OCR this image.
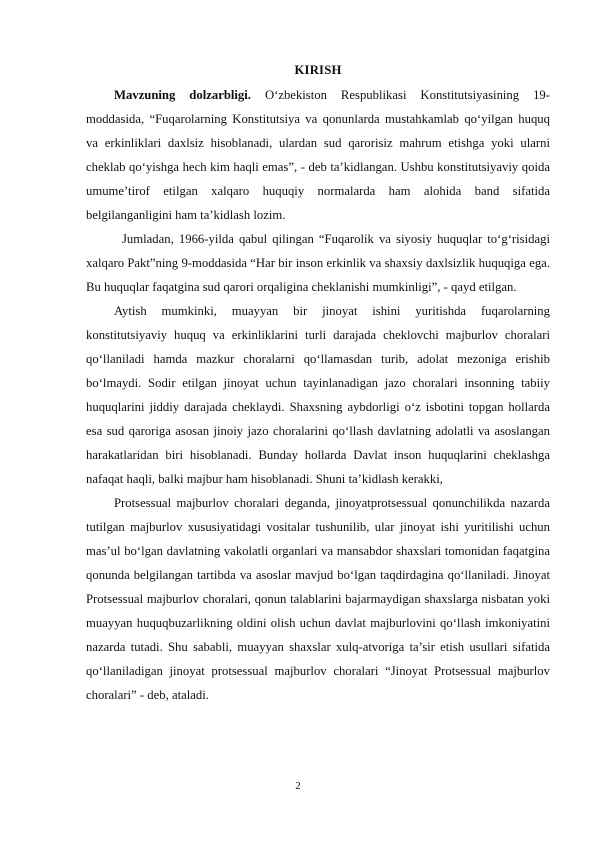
KIRISH

Mavzuning dolzarbligi. O‘zbekiston Respublikasi Konstitutsiyasining 19-moddasida, “Fuqarolarning Konstitutsiya va qonunlarda mustahkamlab qo‘yilgan huquq va erkinliklari daxlsiz hisoblanadi, ulardan sud qarorisiz mahrum etishga yoki ularni cheklab qo‘yishga hech kim haqli emas”, - deb ta’kidlangan. Ushbu konstitutsiyaviy qoida umume’tirof etilgan xalqaro huquqiy normalarda ham alohida band sifatida belgilanganligini ham ta’kidlash lozim.

Jumladan, 1966-yilda qabul qilingan “Fuqarolik va siyosiy huquqlar to‘g‘risidagi xalqaro Pakt”ning 9-moddasida “Har bir inson erkinlik va shaxsiy daxlsizlik huquqiga ega. Bu huquqlar faqatgina sud qarori orqaligina cheklanishi mumkinligi”, - qayd etilgan.

Aytish mumkinki, muayyan bir jinoyat ishini yuritishda fuqarolarning konstitutsiyaviy huquq va erkinliklarini turli darajada cheklovchi majburlov choralari qo‘llaniladi hamda mazkur choralarni qo‘llamasdan turib, adolat mezoniga erishib bo‘lmaydi. Sodir etilgan jinoyat uchun tayinlanadigan jazo choralari insonning tabiiy huquqlarini jiddiy darajada cheklaydi. Shaxsning aybdorligi o‘z isbotini topgan hollarda esa sud qaroriga asosan jinoiy jazo choralarini qo‘llash davlatning adolatli va asoslangan harakatlaridan biri hisoblanadi. Bunday hollarda Davlat inson huquqlarini cheklashga nafaqat haqli, balki majbur ham hisoblanadi. Shuni ta’kidlash kerakki,

Protsessual majburlov choralari deganda, jinoyatprotsessual qonunchilikda nazarda tutilgan majburlov xususiyatidagi vositalar tushunilib, ular jinoyat ishi yuritilishi uchun mas’ul bo‘lgan davlatning vakolatli organlari va mansabdor shaxslari tomonidan faqatgina qonunda belgilangan tartibda va asoslar mavjud bo‘lgan taqdirdagina qo‘llaniladi. Jinoyat Protsessual majburlov choralari, qonun talablarini bajarmaydigan shaxslarga nisbatan yoki muayyan huquqbuzarlikning oldini olish uchun davlat majburlovini qo‘llash imkoniyatini nazarda tutadi. Shu sababli, muayyan shaxslar xulq-atvoriga ta’sir etish usullari sifatida qo‘llaniladigan jinoyat protsessual majburlov choralari “Jinoyat Protsessual majburlov choralari” - deb, ataladi.

2
